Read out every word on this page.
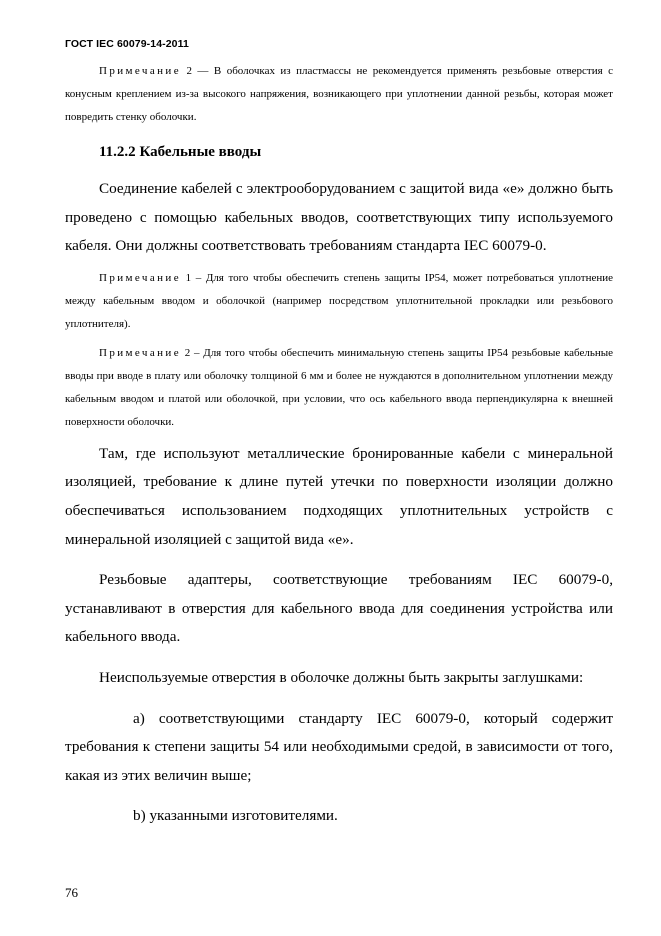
ГОСТ IEC 60079-14-2011

Примечание 2 — В оболочках из пластмассы не рекомендуется применять резьбовые отверстия с конусным креплением из-за высокого напряжения, возникающего при уплотнении данной резьбы, которая может повредить стенку оболочки.

11.2.2 Кабельные вводы

Соединение кабелей с электрооборудованием с защитой вида «е» должно быть проведено с помощью кабельных вводов, соответствующих типу используемого кабеля. Они должны соответствовать требованиям стандарта IEC 60079-0.

Примечание 1 – Для того чтобы обеспечить степень защиты IP54, может потребоваться уплотнение между кабельным вводом и оболочкой (например посредством уплотнительной прокладки или резьбового уплотнителя).

Примечание 2 – Для того чтобы обеспечить минимальную степень защиты IP54 резьбовые кабельные вводы при вводе в плату или оболочку толщиной 6 мм и более не нуждаются в дополнительном уплотнении между кабельным вводом и платой или оболочкой, при условии, что ось кабельного ввода перпендикулярна к внешней поверхности оболочки.

Там, где используют металлические бронированные кабели с минеральной изоляцией, требование к длине путей утечки по поверхности изоляции должно обеспечиваться использованием подходящих уплотнительных устройств с минеральной изоляцией с защитой вида «е».

Резьбовые адаптеры, соответствующие требованиям IEC 60079-0, устанавливают в отверстия для кабельного ввода для соединения устройства или кабельного ввода.

Неиспользуемые отверстия в оболочке должны быть закрыты заглушками:

a) соответствующими стандарту IEC 60079-0, который содержит требования к степени защиты 54 или необходимыми средой, в зависимости от того, какая из этих величин выше;

b) указанными изготовителями.

76
